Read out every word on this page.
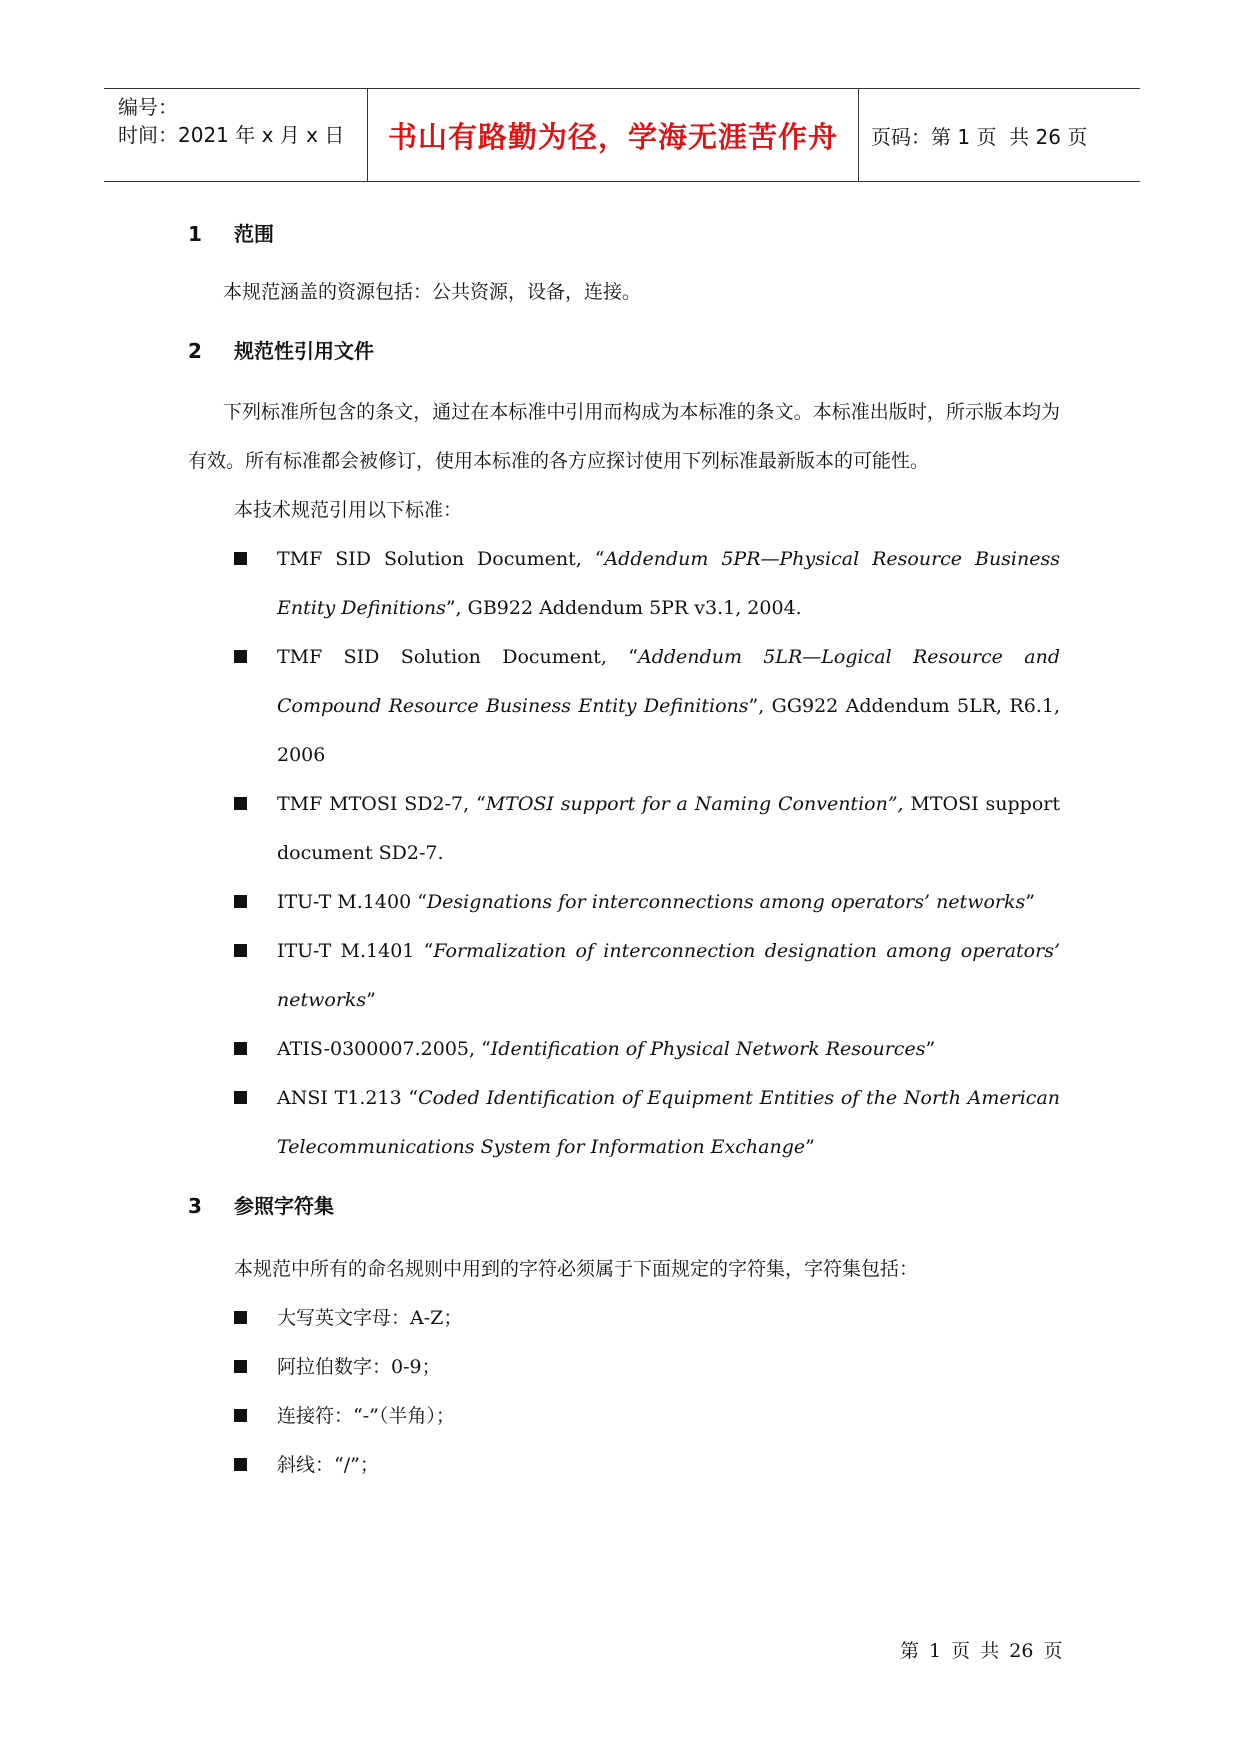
编号：
时间：2021 年 x 月 x 日	书山有路勤为径，学海无涯苦作舟	页码：第 1 页  共 26 页
1	范围

本规范涵盖的资源包括：公共资源，设备，连接。

2	规范性引用文件

下列标准所包含的条文，通过在本标准中引用而构成为本标准的条文。本标准出版时，所示版本均为有效。所有标准都会被修订，使用本标准的各方应探讨使用下列标准最新版本的可能性。

本技术规范引用以下标准：

TMF SID Solution Document, “Addendum 5PR—Physical Resource Business Entity Definitions”, GB922 Addendum 5PR v3.1, 2004.
TMF SID Solution Document, “Addendum 5LR—Logical Resource and Compound Resource Business Entity Definitions”, GG922 Addendum 5LR, R6.1, 2006
TMF MTOSI SD2-7, “MTOSI support for a Naming Convention”, MTOSI support document SD2-7.
ITU-T M.1400 “Designations for interconnections among operators’ networks”
ITU-T M.1401 “Formalization of interconnection designation among operators’ networks”
ATIS-0300007.2005, “Identification of Physical Network Resources”
ANSI T1.213 “Coded Identification of Equipment Entities of the North American Telecommunications System for Information Exchange”
3	参照字符集

本规范中所有的命名规则中用到的字符必须属于下面规定的字符集，字符集包括：

大写英文字母：A-Z；
阿拉伯数字：0-9；
连接符：“-”（半角）；
斜线：“/”；
第 1 页 共 26 页
